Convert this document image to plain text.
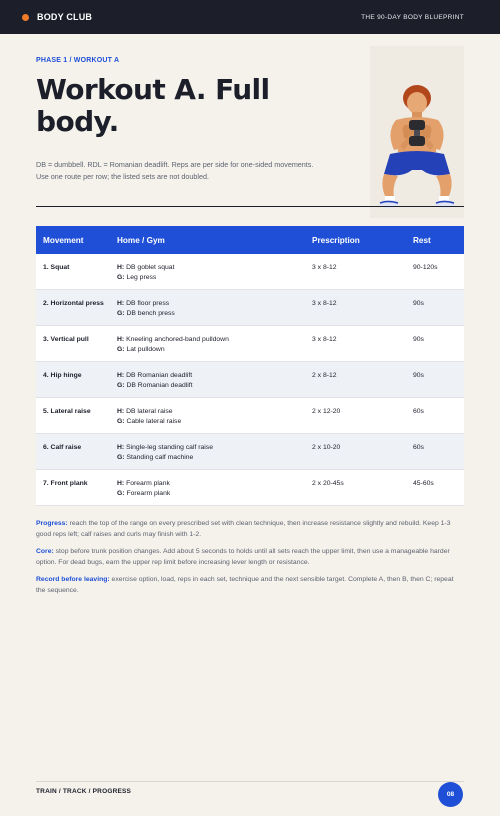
BODY CLUB	THE 90-DAY BODY BLUEPRINT
PHASE 1 / WORKOUT A
Workout A. Full body.

DB = dumbbell. RDL = Romanian deadlift. Reps are per side for one-sided movements. Use one route per row; the listed sets are not doubled.

Movement	Home / Gym	Prescription	Rest
1. Squat	H: DB goblet squat
G: Leg press
3 x 8-12	90-120s
2. Horizontal press	H: DB floor press
G: DB bench press
3 x 8-12	90s
3. Vertical pull	H: Kneeling anchored-band pulldown
G: Lat pulldown
3 x 8-12	90s
4. Hip hinge	H: DB Romanian deadlift
G: DB Romanian deadlift
2 x 8-12	90s
5. Lateral raise	H: DB lateral raise
G: Cable lateral raise
2 x 12-20	60s
6. Calf raise	H: Single-leg standing calf raise
G: Standing calf machine
2 x 10-20	60s
7. Front plank	H: Forearm plank
G: Forearm plank
2 x 20-45s	45-60s

Progress: reach the top of the range on every prescribed set with clean technique, then increase resistance slightly and rebuild. Keep 1-3 good reps left; calf raises and curls may finish with 1-2.

Core: stop before trunk position changes. Add about 5 seconds to holds until all sets reach the upper limit, then use a manageable harder option. For dead bugs, earn the upper rep limit before increasing lever length or resistance.

Record before leaving: exercise option, load, reps in each set, technique and the next sensible target. Complete A, then B, then C; repeat the sequence.

TRAIN / TRACK / PROGRESS	08
